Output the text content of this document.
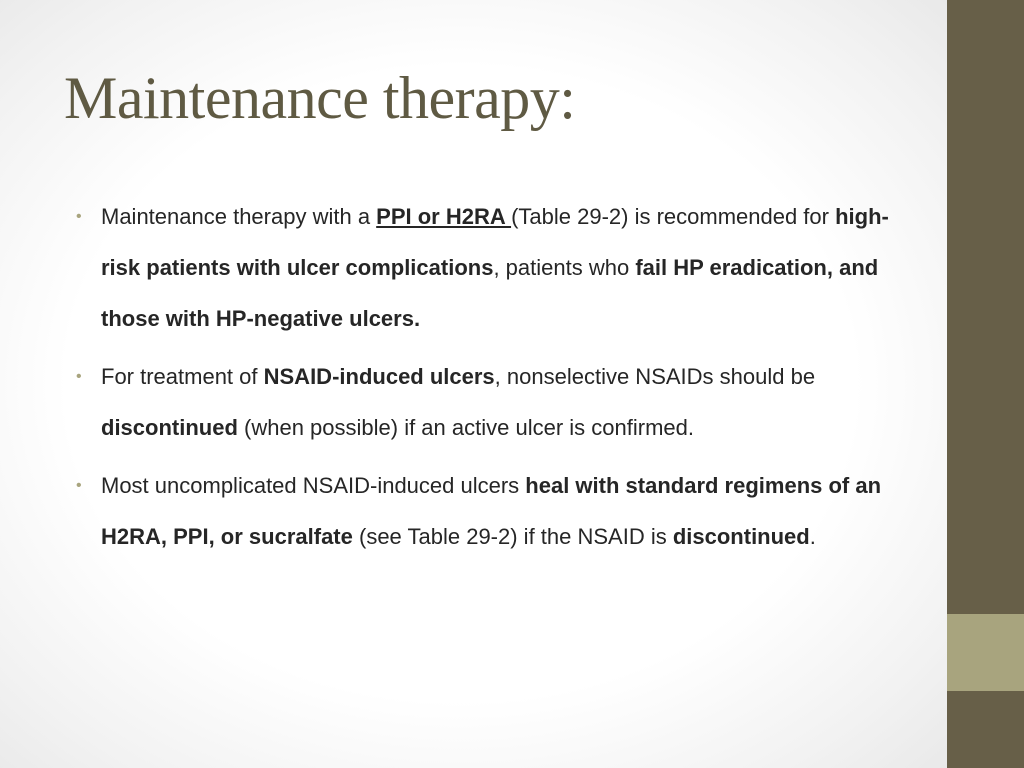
Maintenance therapy:
• Maintenance therapy with a PPI or H2RA (Table 29-2) is recommended for high-risk patients with ulcer complications, patients who fail HP eradication, and those with HP-negative ulcers.
• For treatment of NSAID-induced ulcers, nonselective NSAIDs should be discontinued (when possible) if an active ulcer is confirmed.
• Most uncomplicated NSAID-induced ulcers heal with standard regimens of an H2RA, PPI, or sucralfate (see Table 29-2) if the NSAID is discontinued.
